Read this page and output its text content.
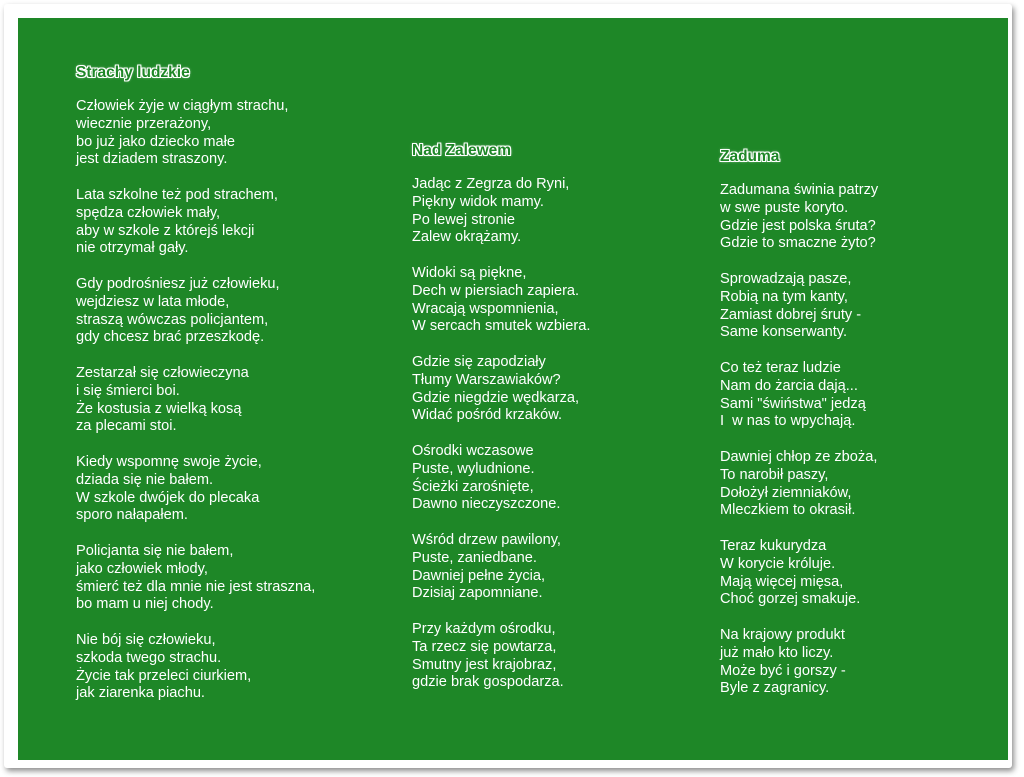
Strachy ludzkie
Człowiek żyje w ciągłym strachu,
wiecznie przerażony,
bo już jako dziecko małe
jest dziadem straszony.
Lata szkolne też pod strachem,
spędza człowiek mały,
aby w szkole z którejś lekcji
nie otrzymał gały.
Gdy podrośniesz już człowieku,
wejdziesz w lata młode,
straszą wówczas policjantem,
gdy chcesz brać przeszkodę.
Zestarzał się człowieczyna
i się śmierci boi.
Że kostusia z wielką kosą
za plecami stoi.
Kiedy wspomnę swoje życie,
dziada się nie bałem.
W szkole dwójek do plecaka
sporo nałapałem.
Policjanta się nie bałem,
jako człowiek młody,
śmierć też dla mnie nie jest straszna,
bo mam u niej chody.
Nie bój się człowieku,
szkoda twego strachu.
Życie tak przeleci ciurkiem,
jak ziarenka piachu.
Nad Zalewem
Jadąc z Zegrza do Ryni,
Piękny widok mamy.
Po lewej stronie
Zalew okrążamy.
Widoki są piękne,
Dech w piersiach zapiera.
Wracają wspomnienia,
W sercach smutek wzbiera.
Gdzie się zapodziały
Tłumy Warszawiaków?
Gdzie niegdzie wędkarza,
Widać pośród krzaków.
Ośrodki wczasowe
Puste, wyludnione.
Ścieżki zarośnięte,
Dawno nieczyszczone.
Wśród drzew pawilony,
Puste, zaniedbane.
Dawniej pełne życia,
Dzisiaj zapomniane.
Przy każdym ośrodku,
Ta rzecz się powtarza,
Smutny jest krajobraz,
gdzie brak gospodarza.
Zaduma
Zadumana świnia patrzy
w swe puste koryto.
Gdzie jest polska śruta?
Gdzie to smaczne żyto?
Sprowadzają pasze,
Robią na tym kanty,
Zamiast dobrej śruty -
Same konserwanty.
Co też teraz ludzie
Nam do żarcia dają...
Sami "świństwa" jedzą
I  w nas to wpychają.
Dawniej chłop ze zboża,
To narobił paszy,
Dołożył ziemniaków,
Mleczkiem to okrasił.
Teraz kukurydza
W korycie króluje.
Mają więcej mięsa,
Choć gorzej smakuje.
Na krajowy produkt
już mało kto liczy.
Może być i gorszy -
Byle z zagranicy.
